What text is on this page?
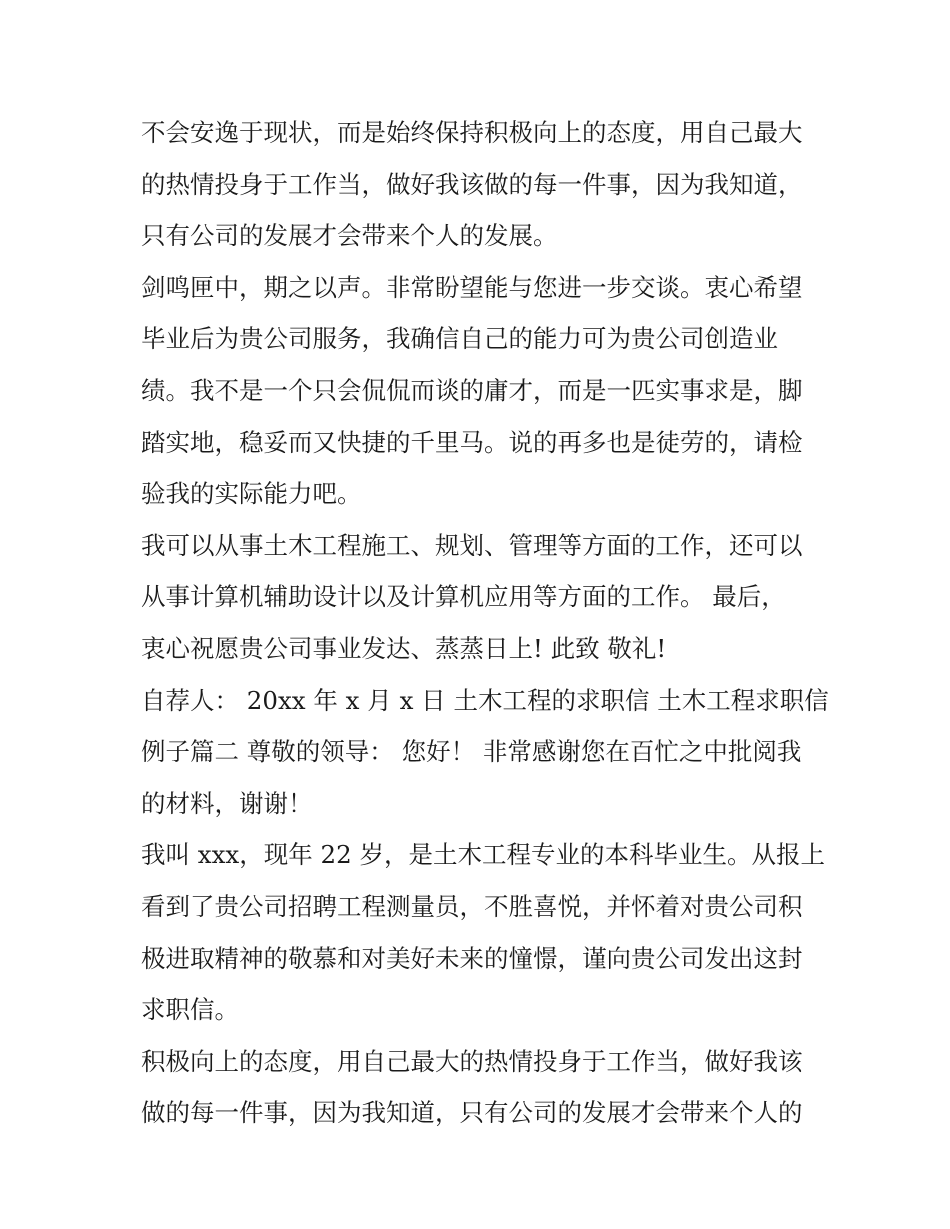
不会安逸于现状，而是始终保持积极向上的态度，用自己最大
的热情投身于工作当，做好我该做的每一件事，因为我知道，
只有公司的发展才会带来个人的发展。
剑鸣匣中，期之以声。非常盼望能与您进一步交谈。衷心希望
毕业后为贵公司服务，我确信自己的能力可为贵公司创造业
绩。我不是一个只会侃侃而谈的庸才，而是一匹实事求是，脚
踏实地，稳妥而又快捷的千里马。说的再多也是徒劳的，请检
验我的实际能力吧。
我可以从事土木工程施工、规划、管理等方面的工作，还可以
从事计算机辅助设计以及计算机应用等方面的工作。 最后，
衷心祝愿贵公司事业发达、蒸蒸日上! 此致 敬礼!
自荐人： 20xx 年 x 月 x 日 土木工程的求职信 土木工程求职信
例子篇二 尊敬的领导： 您好！ 非常感谢您在百忙之中批阅我
的材料，谢谢！
我叫 xxx，现年 22 岁，是土木工程专业的本科毕业生。从报上
看到了贵公司招聘工程测量员，不胜喜悦，并怀着对贵公司积
极进取精神的敬慕和对美好未来的憧憬，谨向贵公司发出这封
求职信。
积极向上的态度，用自己最大的热情投身于工作当，做好我该
做的每一件事，因为我知道，只有公司的发展才会带来个人的
